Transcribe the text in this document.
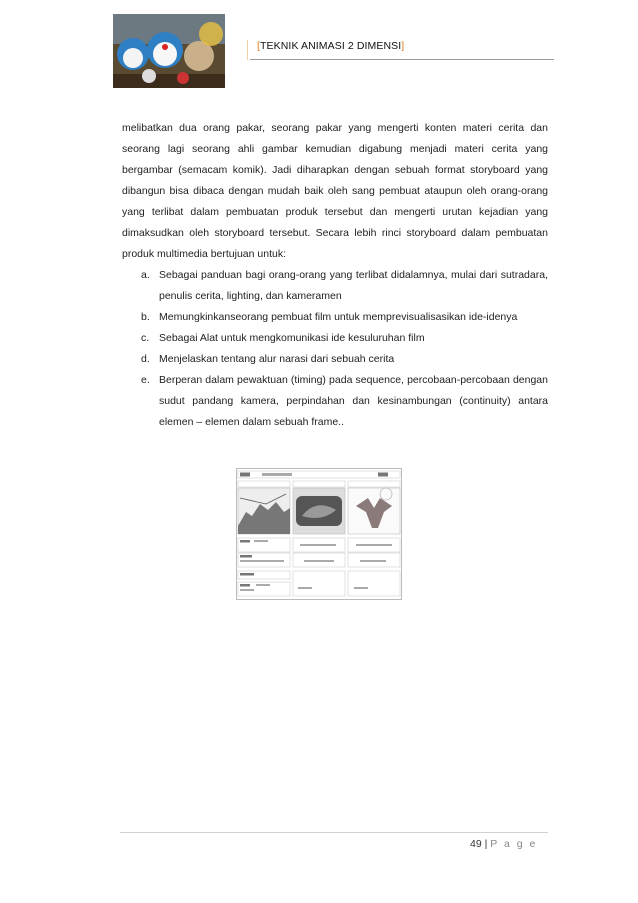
[TEKNIK ANIMASI 2 DIMENSI]
melibatkan dua orang pakar, seorang pakar yang mengerti konten materi cerita dan seorang lagi seorang ahli gambar kemudian digabung menjadi materi cerita yang bergambar (semacam komik). Jadi diharapkan dengan sebuah format storyboard yang dibangun bisa dibaca dengan mudah baik oleh sang pembuat ataupun oleh orang-orang yang terlibat dalam pembuatan produk tersebut dan mengerti urutan kejadian yang dimaksudkan oleh storyboard tersebut. Secara lebih rinci storyboard dalam pembuatan produk multimedia bertujuan untuk:
a. Sebagai panduan bagi orang-orang yang terlibat didalamnya, mulai dari sutradara, penulis cerita, lighting, dan kameramen
b. Memungkinkanseorang pembuat film untuk memprevisualisasikan ide-idenya
c. Sebagai Alat untuk mengkomunikasi ide kesuluruhan film
d. Menjelaskan tentang alur narasi dari sebuah cerita
e. Berperan dalam pewaktuan (timing) pada sequence, percobaan-percobaan dengan sudut pandang kamera, perpindahan dan kesinambungan (continuity) antara elemen – elemen dalam sebuah frame..
49 | P a g e
